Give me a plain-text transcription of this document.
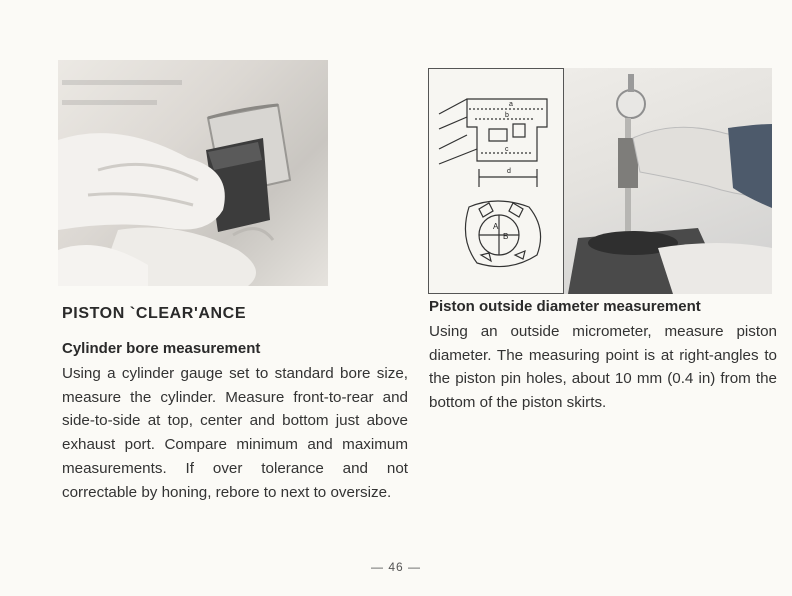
a
b
c
d
A
B
PISTON `CLEAR'ANCE
Cylinder bore measurement
Using a cylinder gauge set to standard bore size, measure the cylinder. Measure front-to-rear and side-to-side at top, center and bottom just above exhaust port. Compare minimum and maximum measurements. If over tolerance and not correctable by honing, rebore to next to oversize.
Piston outside diameter measurement
Using an outside micrometer, measure piston diameter. The measuring point is at right-angles to the piston pin holes, about 10 mm (0.4 in) from the bottom of the piston skirts.
— 46 —
